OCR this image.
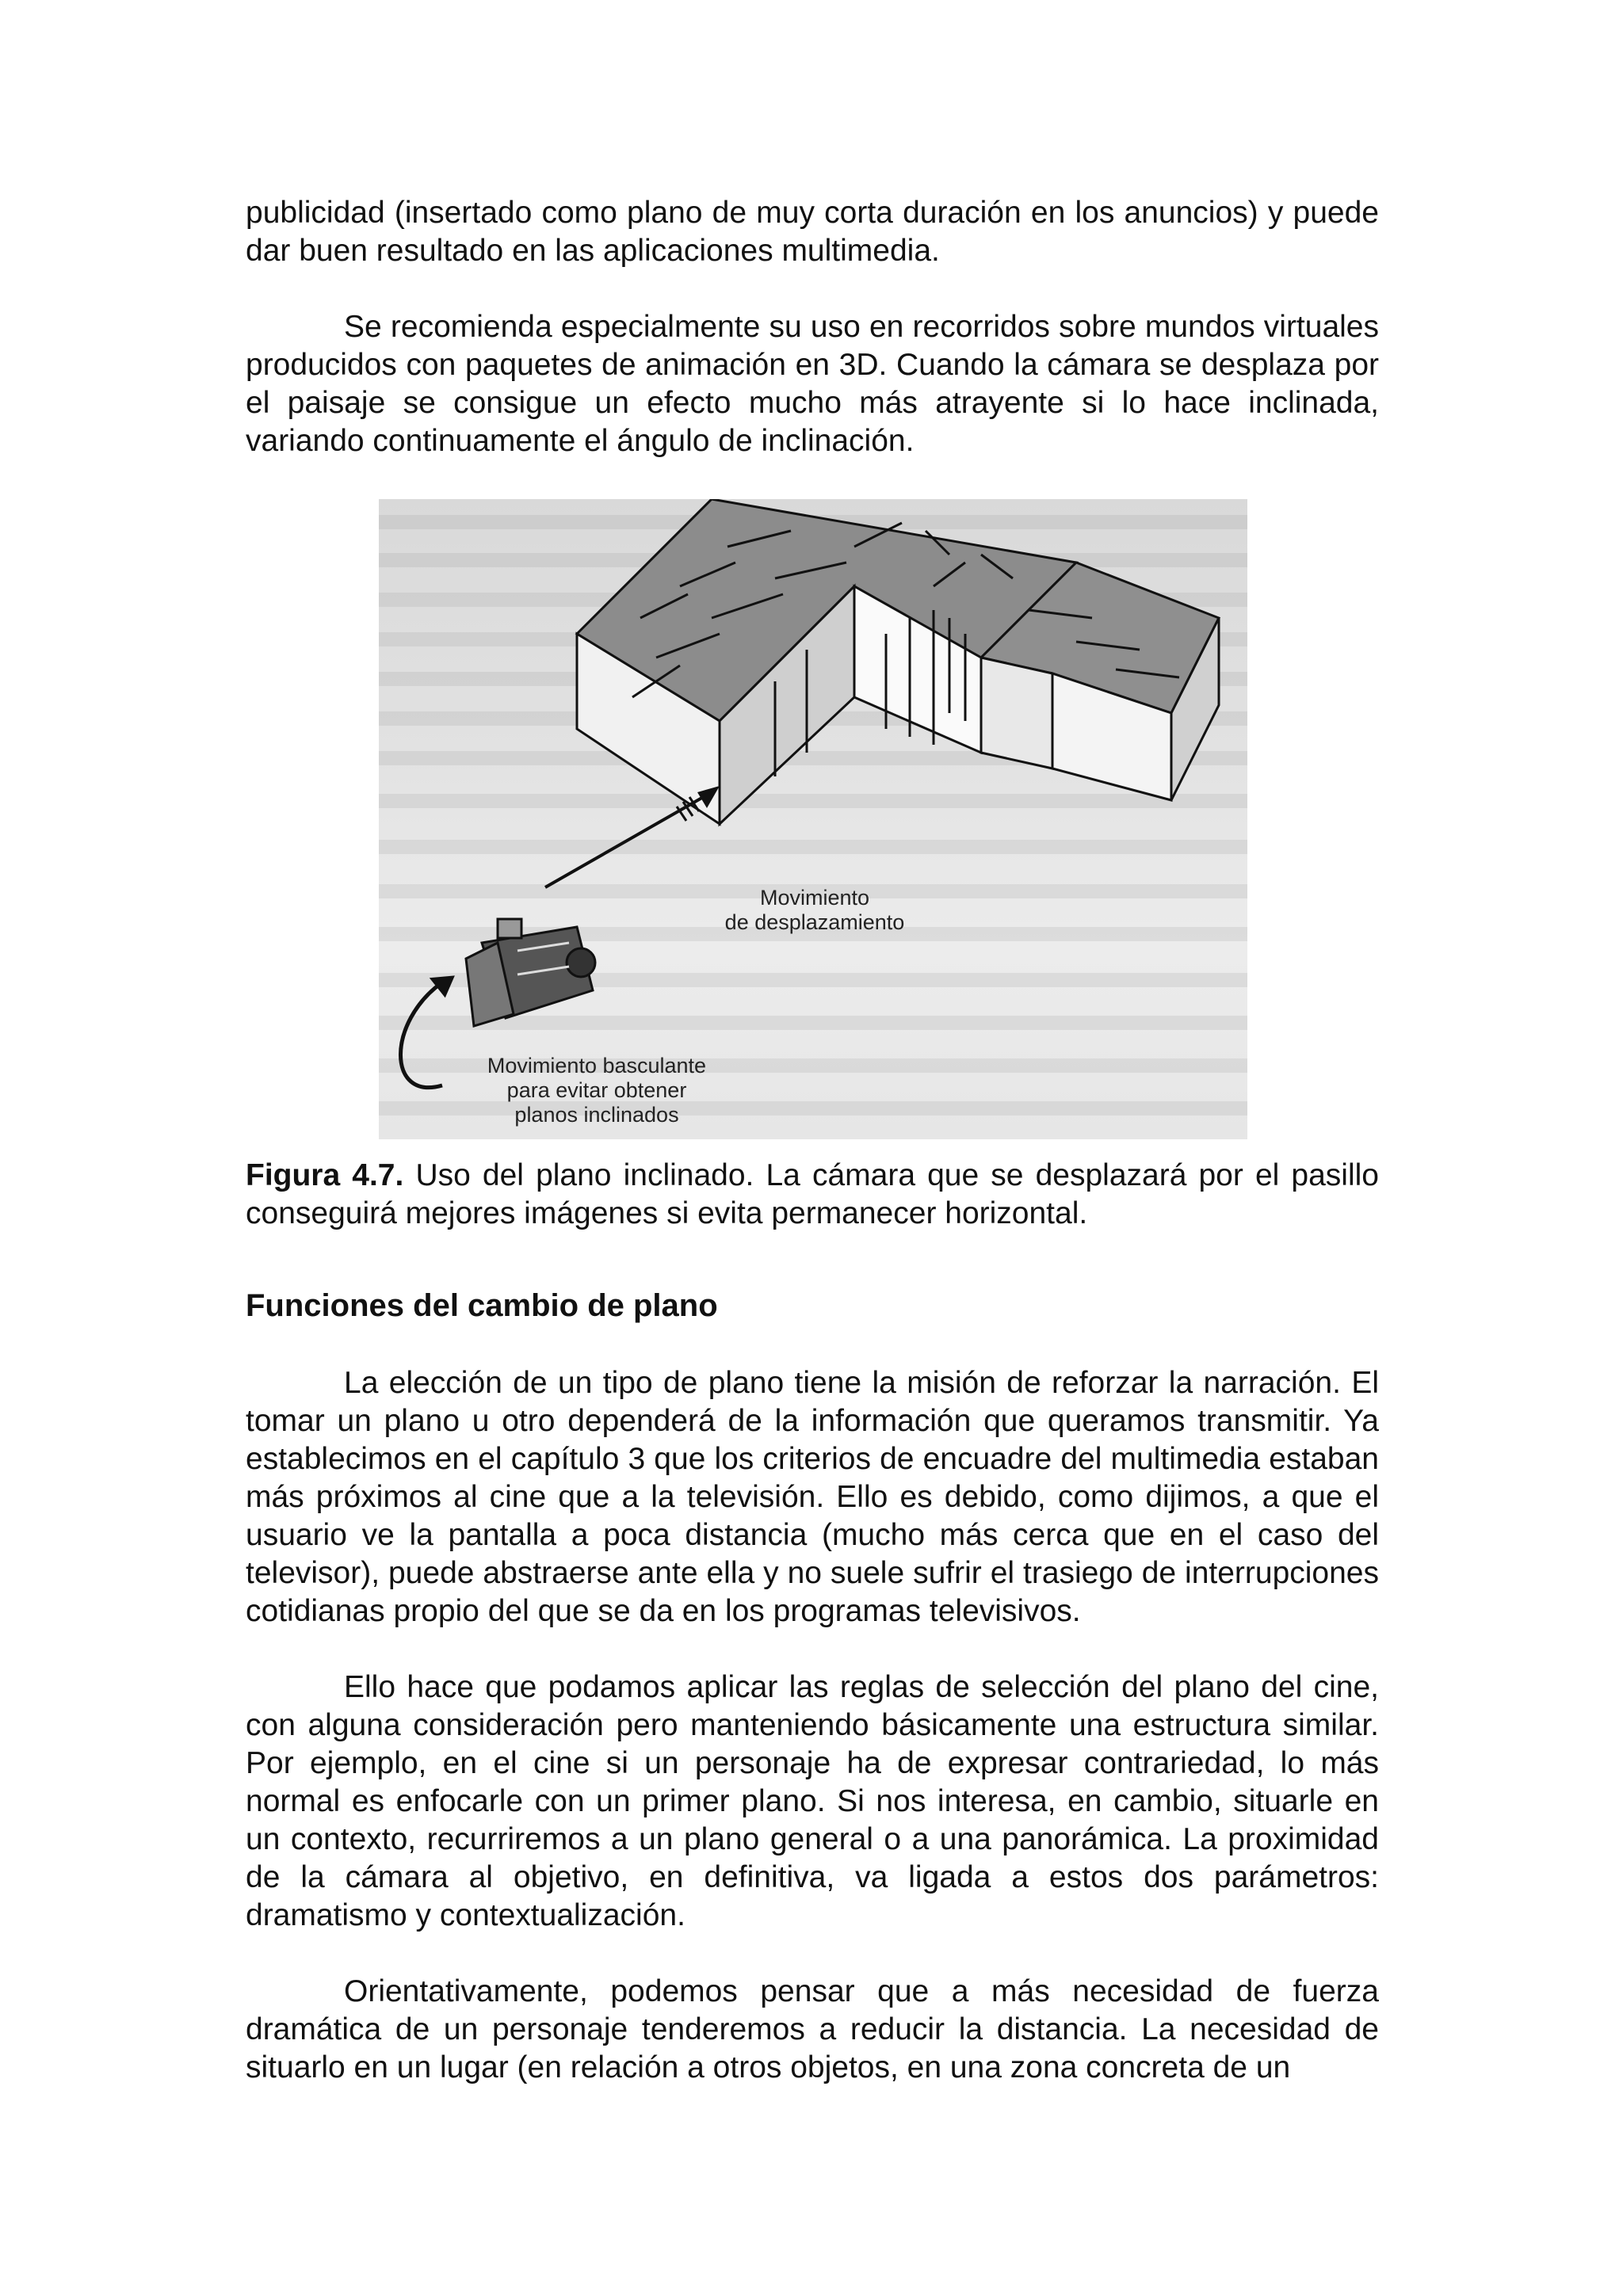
publicidad (insertado como plano de muy corta duración en los anuncios) y puede dar buen resultado en las aplicaciones multimedia.

Se recomienda especialmente su uso en recorridos sobre mundos virtuales producidos con paquetes de animación en 3D. Cuando la cámara se desplaza por el paisaje se consigue un efecto mucho más atrayente si lo hace inclinada, variando continuamente el ángulo de inclinación.

Movimiento
de desplazamiento
Movimiento basculante
para evitar obtener
planos inclinados

Figura 4.7. Uso del plano inclinado. La cámara que se desplazará por el pasillo conseguirá mejores imágenes si evita permanecer horizontal.

Funciones del cambio de plano

La elección de un tipo de plano tiene la misión de reforzar la narración. El tomar un plano u otro dependerá de la información que queramos transmitir. Ya establecimos en el capítulo 3 que los criterios de encuadre del multimedia estaban más próximos al cine que a la televisión. Ello es debido, como dijimos, a que el usuario ve la pantalla a poca distancia (mucho más cerca que en el caso del televisor), puede abstraerse ante ella y no suele sufrir el trasiego de interrupciones cotidianas propio del que se da en los programas televisivos.

Ello hace que podamos aplicar las reglas de selección del plano del cine, con alguna consideración pero manteniendo básicamente una estructura similar. Por ejemplo, en el cine si un personaje ha de expresar contrariedad, lo más normal es enfocarle con un primer plano. Si nos interesa, en cambio, situarle en un contexto, recurriremos a un plano general o a una panorámica. La proximidad de la cámara al objetivo, en definitiva, va ligada a estos dos parámetros: dramatismo y contextualización.

Orientativamente, podemos pensar que a más necesidad de fuerza dramática de un personaje tenderemos a reducir la distancia. La necesidad de situarlo en un lugar (en relación a otros objetos, en una zona concreta de un
